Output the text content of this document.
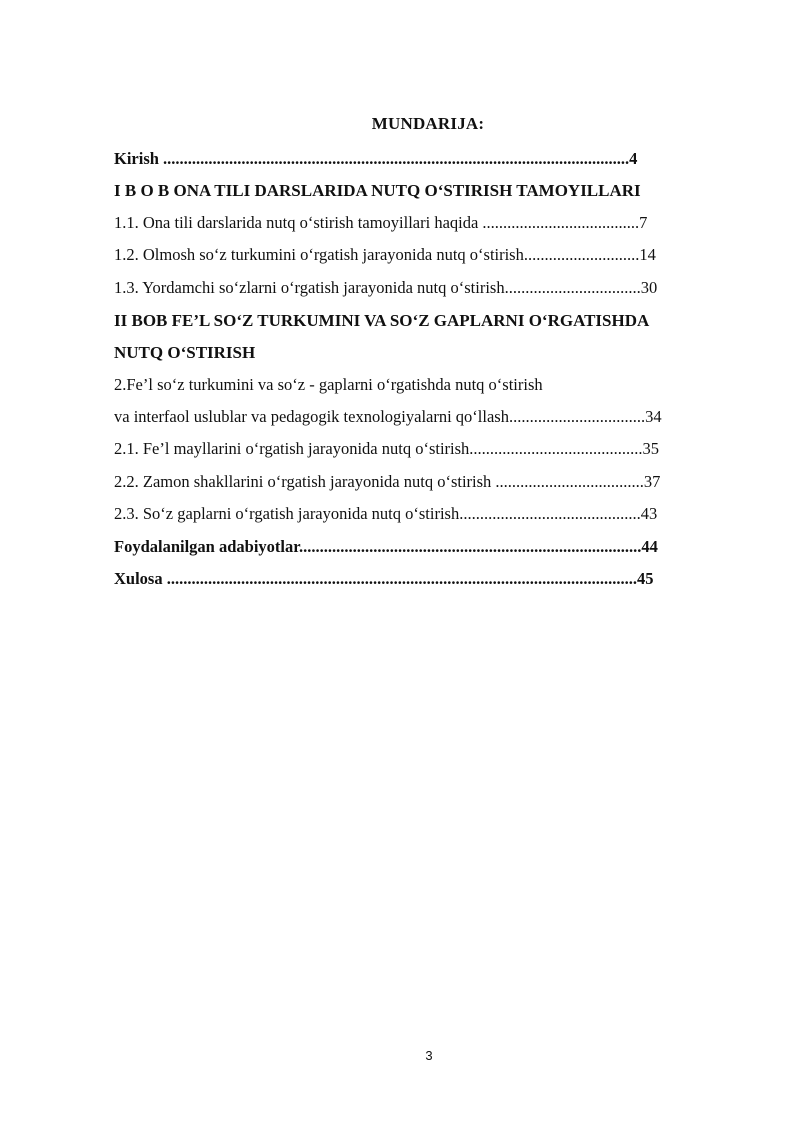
MUNDARIJA:
Kirish .................................................................................................................4
I B O B ONA TILI DARSLARIDA NUTQ O‘STIRISH TAMOYILLARI
1.1. Ona tili darslarida nutq o‘stirish tamoyillari haqida ......................................7
1.2. Olmosh so‘z turkumini o‘rgatish jarayonida nutq o‘stirish............................14
1.3. Yordamchi so‘zlarni o‘rgatish jarayonida nutq o‘stirish.................................30
II BOB FE’L SO‘Z TURKUMINI VA SO‘Z GAPLARNI O‘RGATISHDA
NUTQ O‘STIRISH
2.Fe’l so‘z turkumini va so‘z - gaplarni o‘rgatishda nutq o‘stirish
va interfaol uslublar va pedagogik texnologiyalarni qo‘llash.................................34
2.1. Fe’l mayllarini o‘rgatish jarayonida nutq o‘stirish..........................................35
2.2. Zamon shakllarini o‘rgatish jarayonida nutq o‘stirish ....................................37
2.3. So‘z gaplarni o‘rgatish jarayonida nutq o‘stirish............................................43
Foydalanilgan adabiyotlar...................................................................................44
Xulosa ..................................................................................................................45
3
